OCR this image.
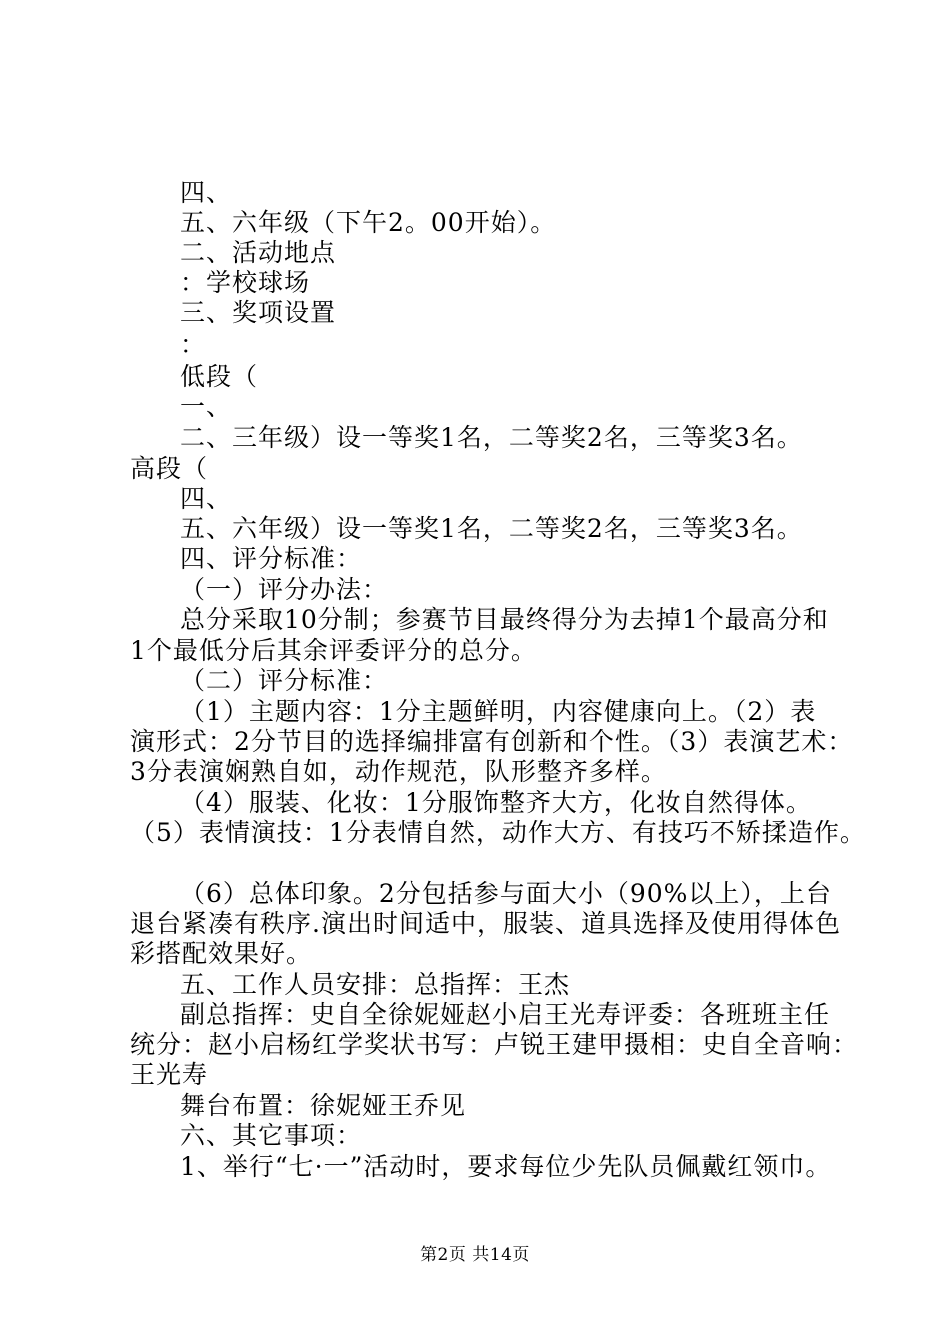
四、
五、六年级（下午2。00开始）。
二、活动地点
：学校球场
三、奖项设置
：
低段（
一、
二、三年级）设一等奖1名，二等奖2名，三等奖3名。
高段（
四、
五、六年级）设一等奖1名，二等奖2名，三等奖3名。
四、评分标准：
（一）评分办法：
总分采取10分制；参赛节目最终得分为去掉1个最高分和
1个最低分后其余评委评分的总分。
（二）评分标准：
（1）主题内容：1分主题鲜明，内容健康向上。（2）表
演形式：2分节目的选择编排富有创新和个性。（3）表演艺术：
3分表演娴熟自如，动作规范，队形整齐多样。
（4）服装、化妆：1分服饰整齐大方，化妆自然得体。
（5）表情演技：1分表情自然，动作大方、有技巧不矫揉造作。
（6）总体印象。2分包括参与面大小（90%以上），上台
退台紧凑有秩序.演出时间适中，服装、道具选择及使用得体色
彩搭配效果好。
五、工作人员安排：总指挥：王杰
副总指挥：史自全徐妮娅赵小启王光寿评委：各班班主任
统分：赵小启杨红学奖状书写：卢锐王建甲摄相：史自全音响：
王光寿
舞台布置：徐妮娅王乔见
六、其它事项：
1、举行“七·一”活动时，要求每位少先队员佩戴红领巾。
第2页 共14页
